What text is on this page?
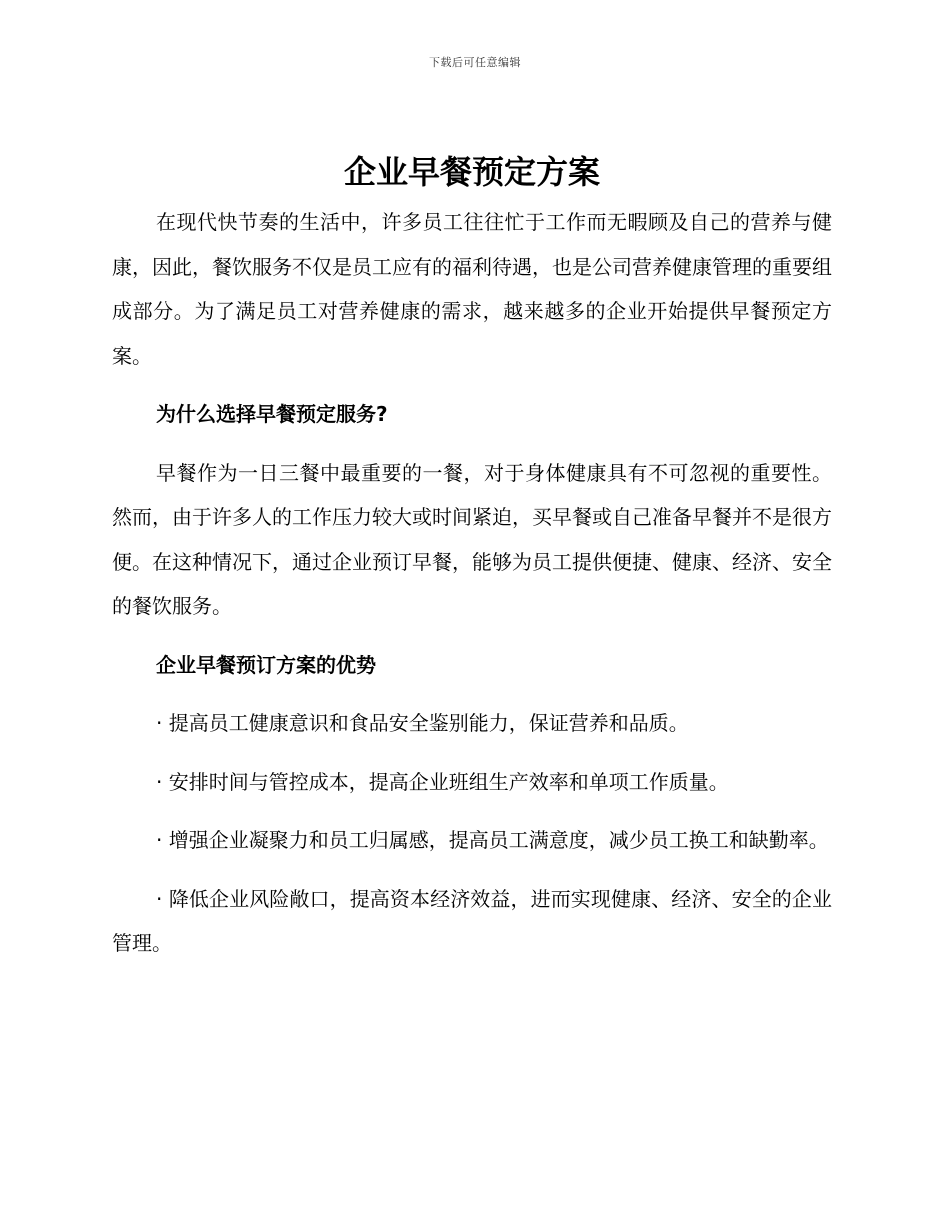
下载后可任意编辑
企业早餐预定方案

在现代快节奏的生活中，许多员工往往忙于工作而无暇顾及自己的营养与健康，因此，餐饮服务不仅是员工应有的福利待遇，也是公司营养健康管理的重要组成部分。为了满足员工对营养健康的需求，越来越多的企业开始提供早餐预定方案。

为什么选择早餐预定服务?

早餐作为一日三餐中最重要的一餐，对于身体健康具有不可忽视的重要性。然而，由于许多人的工作压力较大或时间紧迫，买早餐或自己准备早餐并不是很方便。在这种情况下，通过企业预订早餐，能够为员工提供便捷、健康、经济、安全的餐饮服务。

企业早餐预订方案的优势

· 提高员工健康意识和食品安全鉴别能力，保证营养和品质。

· 安排时间与管控成本，提高企业班组生产效率和单项工作质量。

· 增强企业凝聚力和员工归属感，提高员工满意度，减少员工换工和缺勤率。

· 降低企业风险敞口，提高资本经济效益，进而实现健康、经济、安全的企业管理。
